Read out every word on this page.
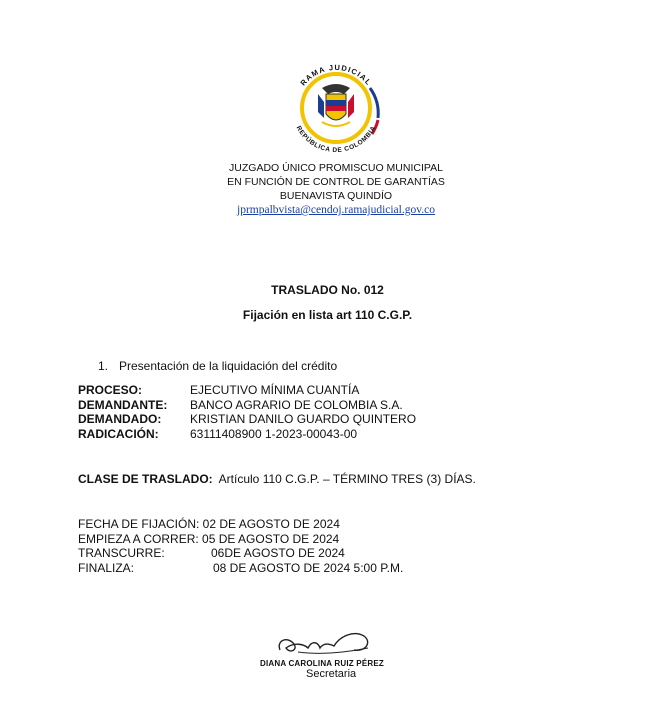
RAMA JUDICIAL
REPÚBLICA DE COLOMBIA
JUZGADO ÚNICO PROMISCUO MUNICIPAL
EN FUNCIÓN DE CONTROL DE GARANTÍAS
BUENAVISTA QUINDÍO
jprmpalbvista@cendoj.ramajudicial.gov.co
TRASLADO No. 012
Fijación en lista art 110 C.G.P.
1. Presentación de la liquidación del crédito
PROCESO:	EJECUTIVO MÍNIMA CUANTÍA
DEMANDANTE: BANCO AGRARIO DE COLOMBIA S.A.
DEMANDADO: KRISTIAN DANILO GUARDO QUINTERO
RADICACIÓN:	63111408900 1-2023-00043-00
CLASE DE TRASLADO: Artículo 110 C.G.P. – TÉRMINO TRES (3) DÍAS.
FECHA DE FIJACIÓN: 02 DE AGOSTO DE 2024
EMPIEZA A CORRER: 05 DE AGOSTO DE 2024
TRANSCURRE:	06DE AGOSTO DE 2024
FINALIZA:	08 DE AGOSTO DE 2024 5:00 P.M.
DIANA CAROLINA RUIZ PÉREZ
Secretaria
